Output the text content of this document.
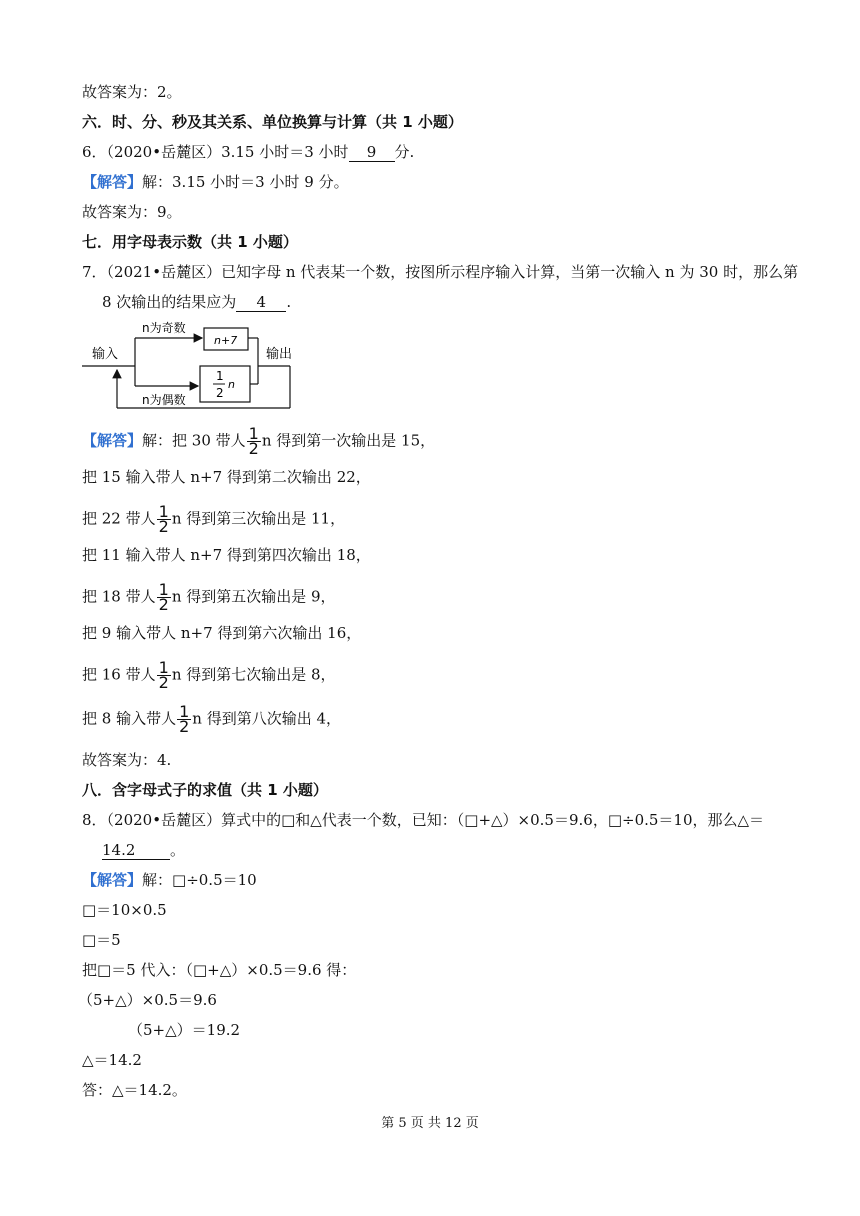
故答案为：2。
六．时、分、秒及其关系、单位换算与计算（共 1 小题）
6．（2020•岳麓区）3.15 小时＝3 小时 9 分.
【解答】解：3.15 小时＝3 小时 9 分。
故答案为：9。
七．用字母表示数（共 1 小题）
7．（2021•岳麓区）已知字母 n 代表某一个数，按图所示程序输入计算，当第一次输入 n 为 30 时，那么第
8 次输出的结果应为 4 .
输入
n为奇数
n+7
1
2
n
输出
n为偶数
【解答】解：把 30 带人 $\frac{1}{2}$ n 得到第一次输出是 15，
把 15 输入带人 n+7 得到第二次输出 22，
把 22 带人 $\frac{1}{2}$ n 得到第三次输出是 11，
把 11 输入带人 n+7 得到第四次输出 18，
把 18 带人 $\frac{1}{2}$ n 得到第五次输出是 9，
把 9 输入带人 n+7 得到第六次输出 16，
把 16 带人 $\frac{1}{2}$ n 得到第七次输出是 8，
把 8 输入带人 $\frac{1}{2}$ n 得到第八次输出 4，
故答案为：4.
八．含字母式子的求值（共 1 小题）
8．（2020•岳麓区）算式中的□和△代表一个数，已知：（□+△）×0.5＝9.6，□÷0.5＝10，那么△＝
14.2 。
【解答】解：□÷0.5＝10
□＝10×0.5
□＝5
把□＝5 代入：（□+△）×0.5＝9.6 得：
（5+△）×0.5＝9.6
（5+△）＝19.2
△＝14.2
答：△＝14.2。
第 5 页 共 12 页
